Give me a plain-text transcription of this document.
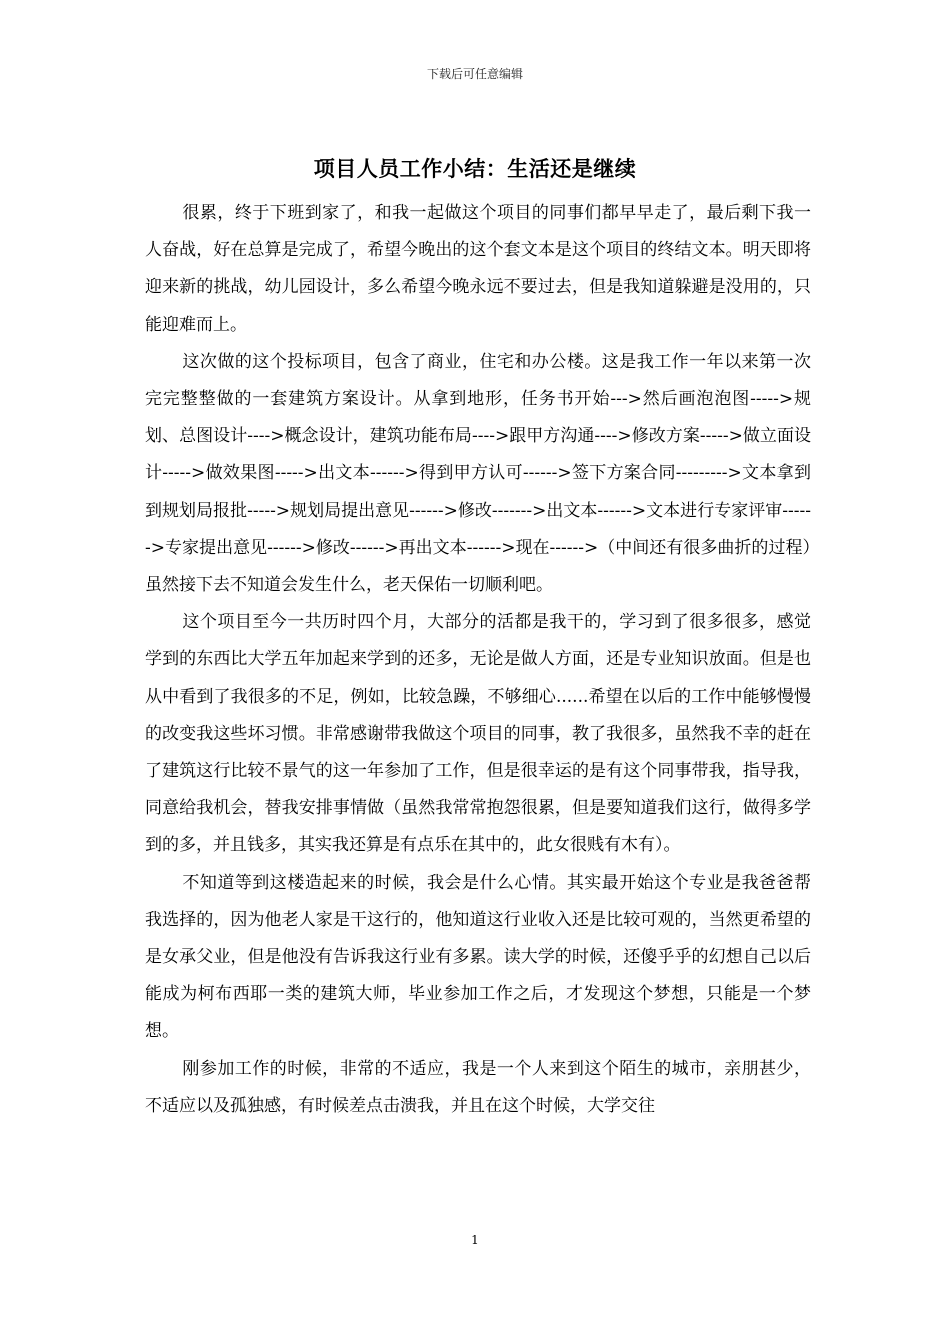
下载后可任意编辑
项目人员工作小结：生活还是继续

很累，终于下班到家了，和我一起做这个项目的同事们都早早走了，最后剩下我一人奋战，好在总算是完成了，希望今晚出的这个套文本是这个项目的终结文本。明天即将迎来新的挑战，幼儿园设计，多么希望今晚永远不要过去，但是我知道躲避是没用的，只能迎难而上。

这次做的这个投标项目，包含了商业，住宅和办公楼。这是我工作一年以来第一次完完整整做的一套建筑方案设计。从拿到地形，任务书开始--->然后画泡泡图----->规划、总图设计---->概念设计，建筑功能布局---->跟甲方沟通---->修改方案----->做立面设计----->做效果图----->出文本------>得到甲方认可------>签下方案合同--------->文本拿到到规划局报批----->规划局提出意见------>修改------->出文本------>文本进行专家评审------>专家提出意见------>修改------>再出文本------>现在------>（中间还有很多曲折的过程）虽然接下去不知道会发生什么，老天保佑一切顺利吧。

这个项目至今一共历时四个月，大部分的活都是我干的，学习到了很多很多，感觉学到的东西比大学五年加起来学到的还多，无论是做人方面，还是专业知识放面。但是也从中看到了我很多的不足，例如，比较急躁，不够细心......希望在以后的工作中能够慢慢的改变我这些坏习惯。非常感谢带我做这个项目的同事，教了我很多，虽然我不幸的赶在了建筑这行比较不景气的这一年参加了工作，但是很幸运的是有这个同事带我，指导我，同意给我机会，替我安排事情做（虽然我常常抱怨很累，但是要知道我们这行，做得多学到的多，并且钱多，其实我还算是有点乐在其中的，此女很贱有木有）。

不知道等到这楼造起来的时候，我会是什么心情。其实最开始这个专业是我爸爸帮我选择的，因为他老人家是干这行的，他知道这行业收入还是比较可观的，当然更希望的是女承父业，但是他没有告诉我这行业有多累。读大学的时候，还傻乎乎的幻想自己以后能成为柯布西耶一类的建筑大师，毕业参加工作之后，才发现这个梦想，只能是一个梦想。

刚参加工作的时候，非常的不适应，我是一个人来到这个陌生的城市，亲朋甚少，不适应以及孤独感，有时候差点击溃我，并且在这个时候，大学交往

1
